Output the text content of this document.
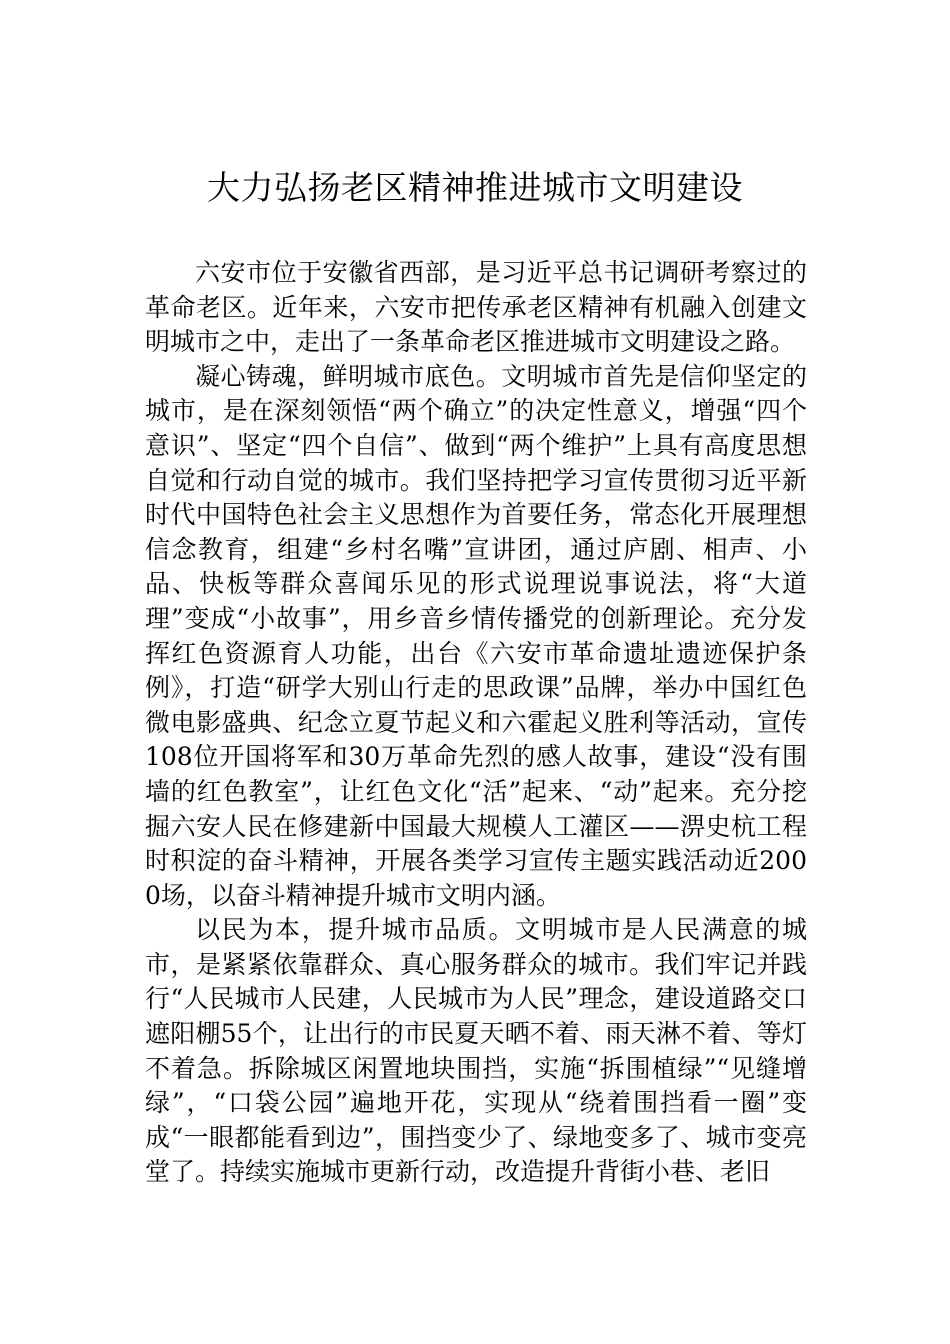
大力弘扬老区精神推进城市文明建设

六安市位于安徽省西部，是习近平总书记调研考察过的革命老区。近年来，六安市把传承老区精神有机融入创建文明城市之中，走出了一条革命老区推进城市文明建设之路。

凝心铸魂，鲜明城市底色。文明城市首先是信仰坚定的城市，是在深刻领悟“两个确立”的决定性意义，增强“四个意识”、坚定“四个自信”、做到“两个维护”上具有高度思想自觉和行动自觉的城市。我们坚持把学习宣传贯彻习近平新时代中国特色社会主义思想作为首要任务，常态化开展理想信念教育，组建“乡村名嘴”宣讲团，通过庐剧、相声、小品、快板等群众喜闻乐见的形式说理说事说法，将“大道理”变成“小故事”，用乡音乡情传播党的创新理论。充分发挥红色资源育人功能，出台《六安市革命遗址遗迹保护条例》，打造“研学大别山行走的思政课”品牌，举办中国红色微电影盛典、纪念立夏节起义和六霍起义胜利等活动，宣传108位开国将军和30万革命先烈的感人故事，建设“没有围墙的红色教室”，让红色文化“活”起来、“动”起来。充分挖掘六安人民在修建新中国最大规模人工灌区——淠史杭工程时积淀的奋斗精神，开展各类学习宣传主题实践活动近2000场，以奋斗精神提升城市文明内涵。

以民为本，提升城市品质。文明城市是人民满意的城市，是紧紧依靠群众、真心服务群众的城市。我们牢记并践行“人民城市人民建，人民城市为人民”理念，建设道路交口遮阳棚55个，让出行的市民夏天晒不着、雨天淋不着、等灯不着急。拆除城区闲置地块围挡，实施“拆围植绿”“见缝增绿”，“口袋公园”遍地开花，实现从“绕着围挡看一圈”变成“一眼都能看到边”，围挡变少了、绿地变多了、城市变亮堂了。持续实施城市更新行动，改造提升背街小巷、老旧
